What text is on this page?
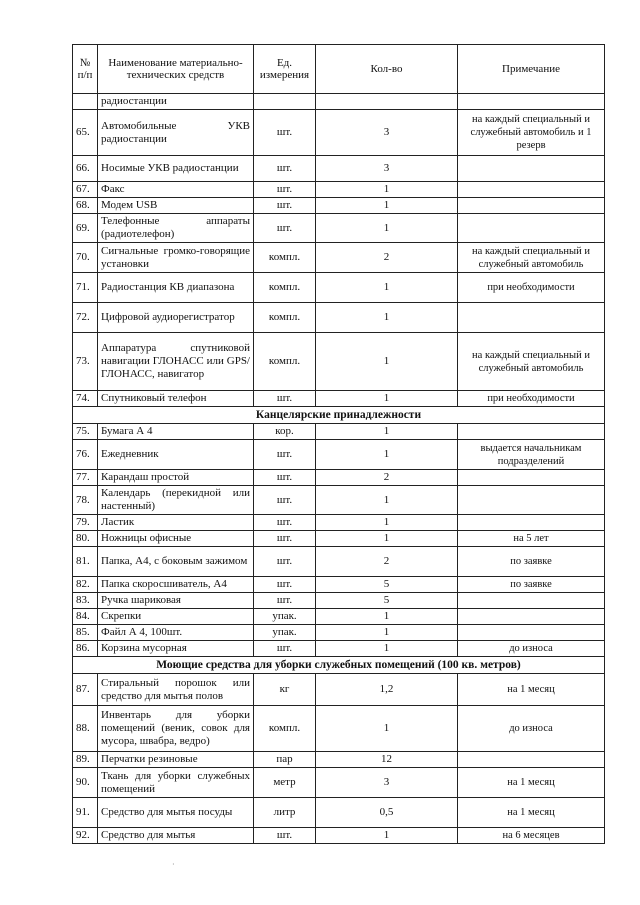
№ п/п	Наименование материально-технических средств	Ед. измерения	Кол-во	Примечание
	радиостанции			
65.	Автомобильные УКВ радиостанции	шт.	3	на каждый специальный и служебный автомобиль и 1 резерв
66.	Носимые УКВ радиостанции	шт.	3	
67.	Факс	шт.	1	
68.	Модем USB	шт.	1	
69.	Телефонные аппараты (радиотелефон)	шт.	1	
70.	Сигнальные громко-говорящие установки	компл.	2	на каждый специальный и служебный автомобиль
71.	Радиостанция КВ диапазона	компл.	1	при необходимости
72.	Цифровой аудиорегистратор	компл.	1	
73.	Аппаратура спутниковой навигации ГЛОНАСС или GPS/ГЛОНАСС, навигатор	компл.	1	на каждый специальный и служебный автомобиль
74.	Спутниковый телефон	шт.	1	при необходимости
Канцелярские принадлежности				
75.	Бумага А 4	кор.	1	
76.	Ежедневник	шт.	1	выдается начальникам подразделений
77.	Карандаш простой	шт.	2	
78.	Календарь (перекидной или настенный)	шт.	1	
79.	Ластик	шт.	1	
80.	Ножницы офисные	шт.	1	на 5 лет
81.	Папка, А4, с боковым зажимом	шт.	2	по заявке
82.	Папка скоросшиватель, А4	шт.	5	по заявке
83.	Ручка шариковая	шт.	5	
84.	Скрепки	упак.	1	
85.	Файл А 4, 100шт.	упак.	1	
86.	Корзина мусорная	шт.	1	до износа
Моющие средства для уборки служебных помещений (100 кв. метров)				
87.	Стиральный порошок или средство для мытья полов	кг	1,2	на 1 месяц
88.	Инвентарь для уборки помещений (веник, совок для мусора, швабра, ведро)	компл.	1	до износа
89.	Перчатки резиновые	пар	12	
90.	Ткань для уборки служебных помещений	метр	3	на 1 месяц
91.	Средство для мытья посуды	литр	0,5	на 1 месяц
92.	Средство для мытья	шт.	1	на 6 месяцев
·
